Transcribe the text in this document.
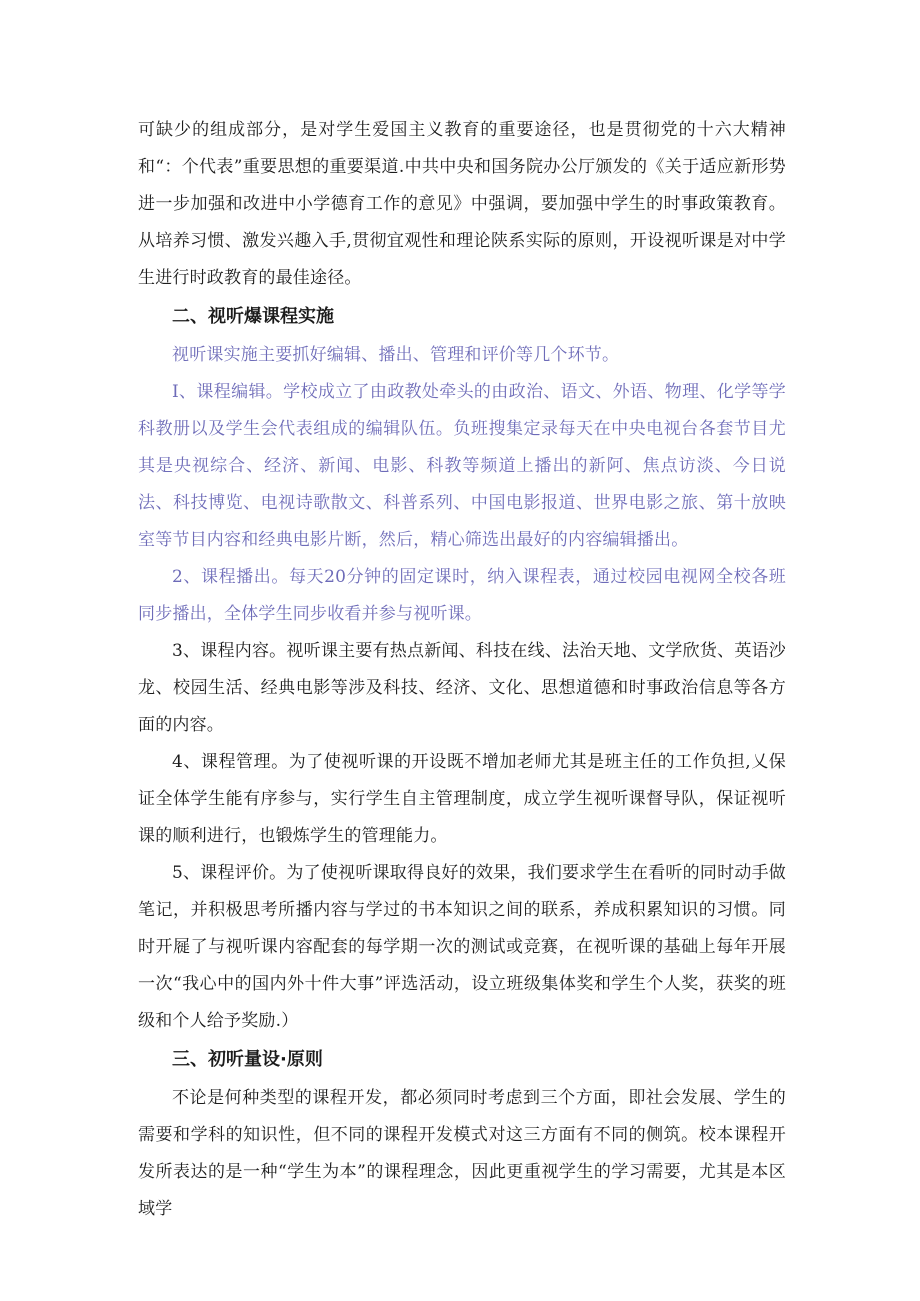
可缺少的组成部分，是对学生爱国主义教育的重要途径，也是贯彻党的十六大精神和“：个代表”重要思想的重要渠道.中共中央和国务院办公厅颁发的《关于适应新形势进一步加强和改进中小学德育工作的意见》中强调，要加强中学生的时事政策教育。从培养习惯、激发兴趣入手,贯彻宜观性和理论陕系实际的原则，开设视听课是对中学生进行时政教育的最佳途径。

二、视听爆课程实施

视听课实施主要抓好编辑、播出、管理和评价等几个环节。

I、课程编辑。学校成立了由政教处牵头的由政治、语文、外语、物理、化学等学科教册以及学生会代表组成的编辑队伍。负班搜集定录每天在中央电视台各套节目尤其是央视综合、经济、新闻、电影、科教等频道上播出的新阿、焦点访淡、今日说法、科技博览、电视诗歌散文、科普系列、中国电影报道、世界电影之旅、第十放映室等节目内容和经典电影片断，然后，精心筛选出最好的内容编辑播出。

2、课程播出。每天20分钟的固定课时，纳入课程表，通过校园电视网全校各班同步播出，全体学生同步收看并参与视听课。

3、课程内容。视听课主要有热点新闻、科技在线、法治天地、文学欣货、英语沙龙、校园生活、经典电影等涉及科技、经济、文化、思想道德和时事政治信息等各方面的内容。

4、课程管理。为了使视听课的开设既不增加老师尤其是班主任的工作负担,乂保证全体学生能有序参与，实行学生自主管理制度，成立学生视听课督导队，保证视听课的顺利进行，也锻炼学生的管理能力。

5、课程评价。为了使视听课取得良好的效果，我们要求学生在看听的同时动手做笔记，并积极思考所播内容与学过的书本知识之间的联系，养成积累知识的习惯。同时开屣了与视听课内容配套的每学期一次的测试或竞赛，在视听课的基础上每年开展一次“我心中的国内外十件大事”评选活动，设立班级集体奖和学生个人奖，获奖的班级和个人给予奖励.）

三、初听量设·原则

不论是何种类型的课程开发，都必须同时考虑到三个方面，即社会发展、学生的需要和学科的知识性，但不同的课程开发模式对这三方面有不同的侧筑。校本课程开发所表达的是一种“学生为本”的课程理念，因此更重视学生的学习需要，尤其是本区域学
